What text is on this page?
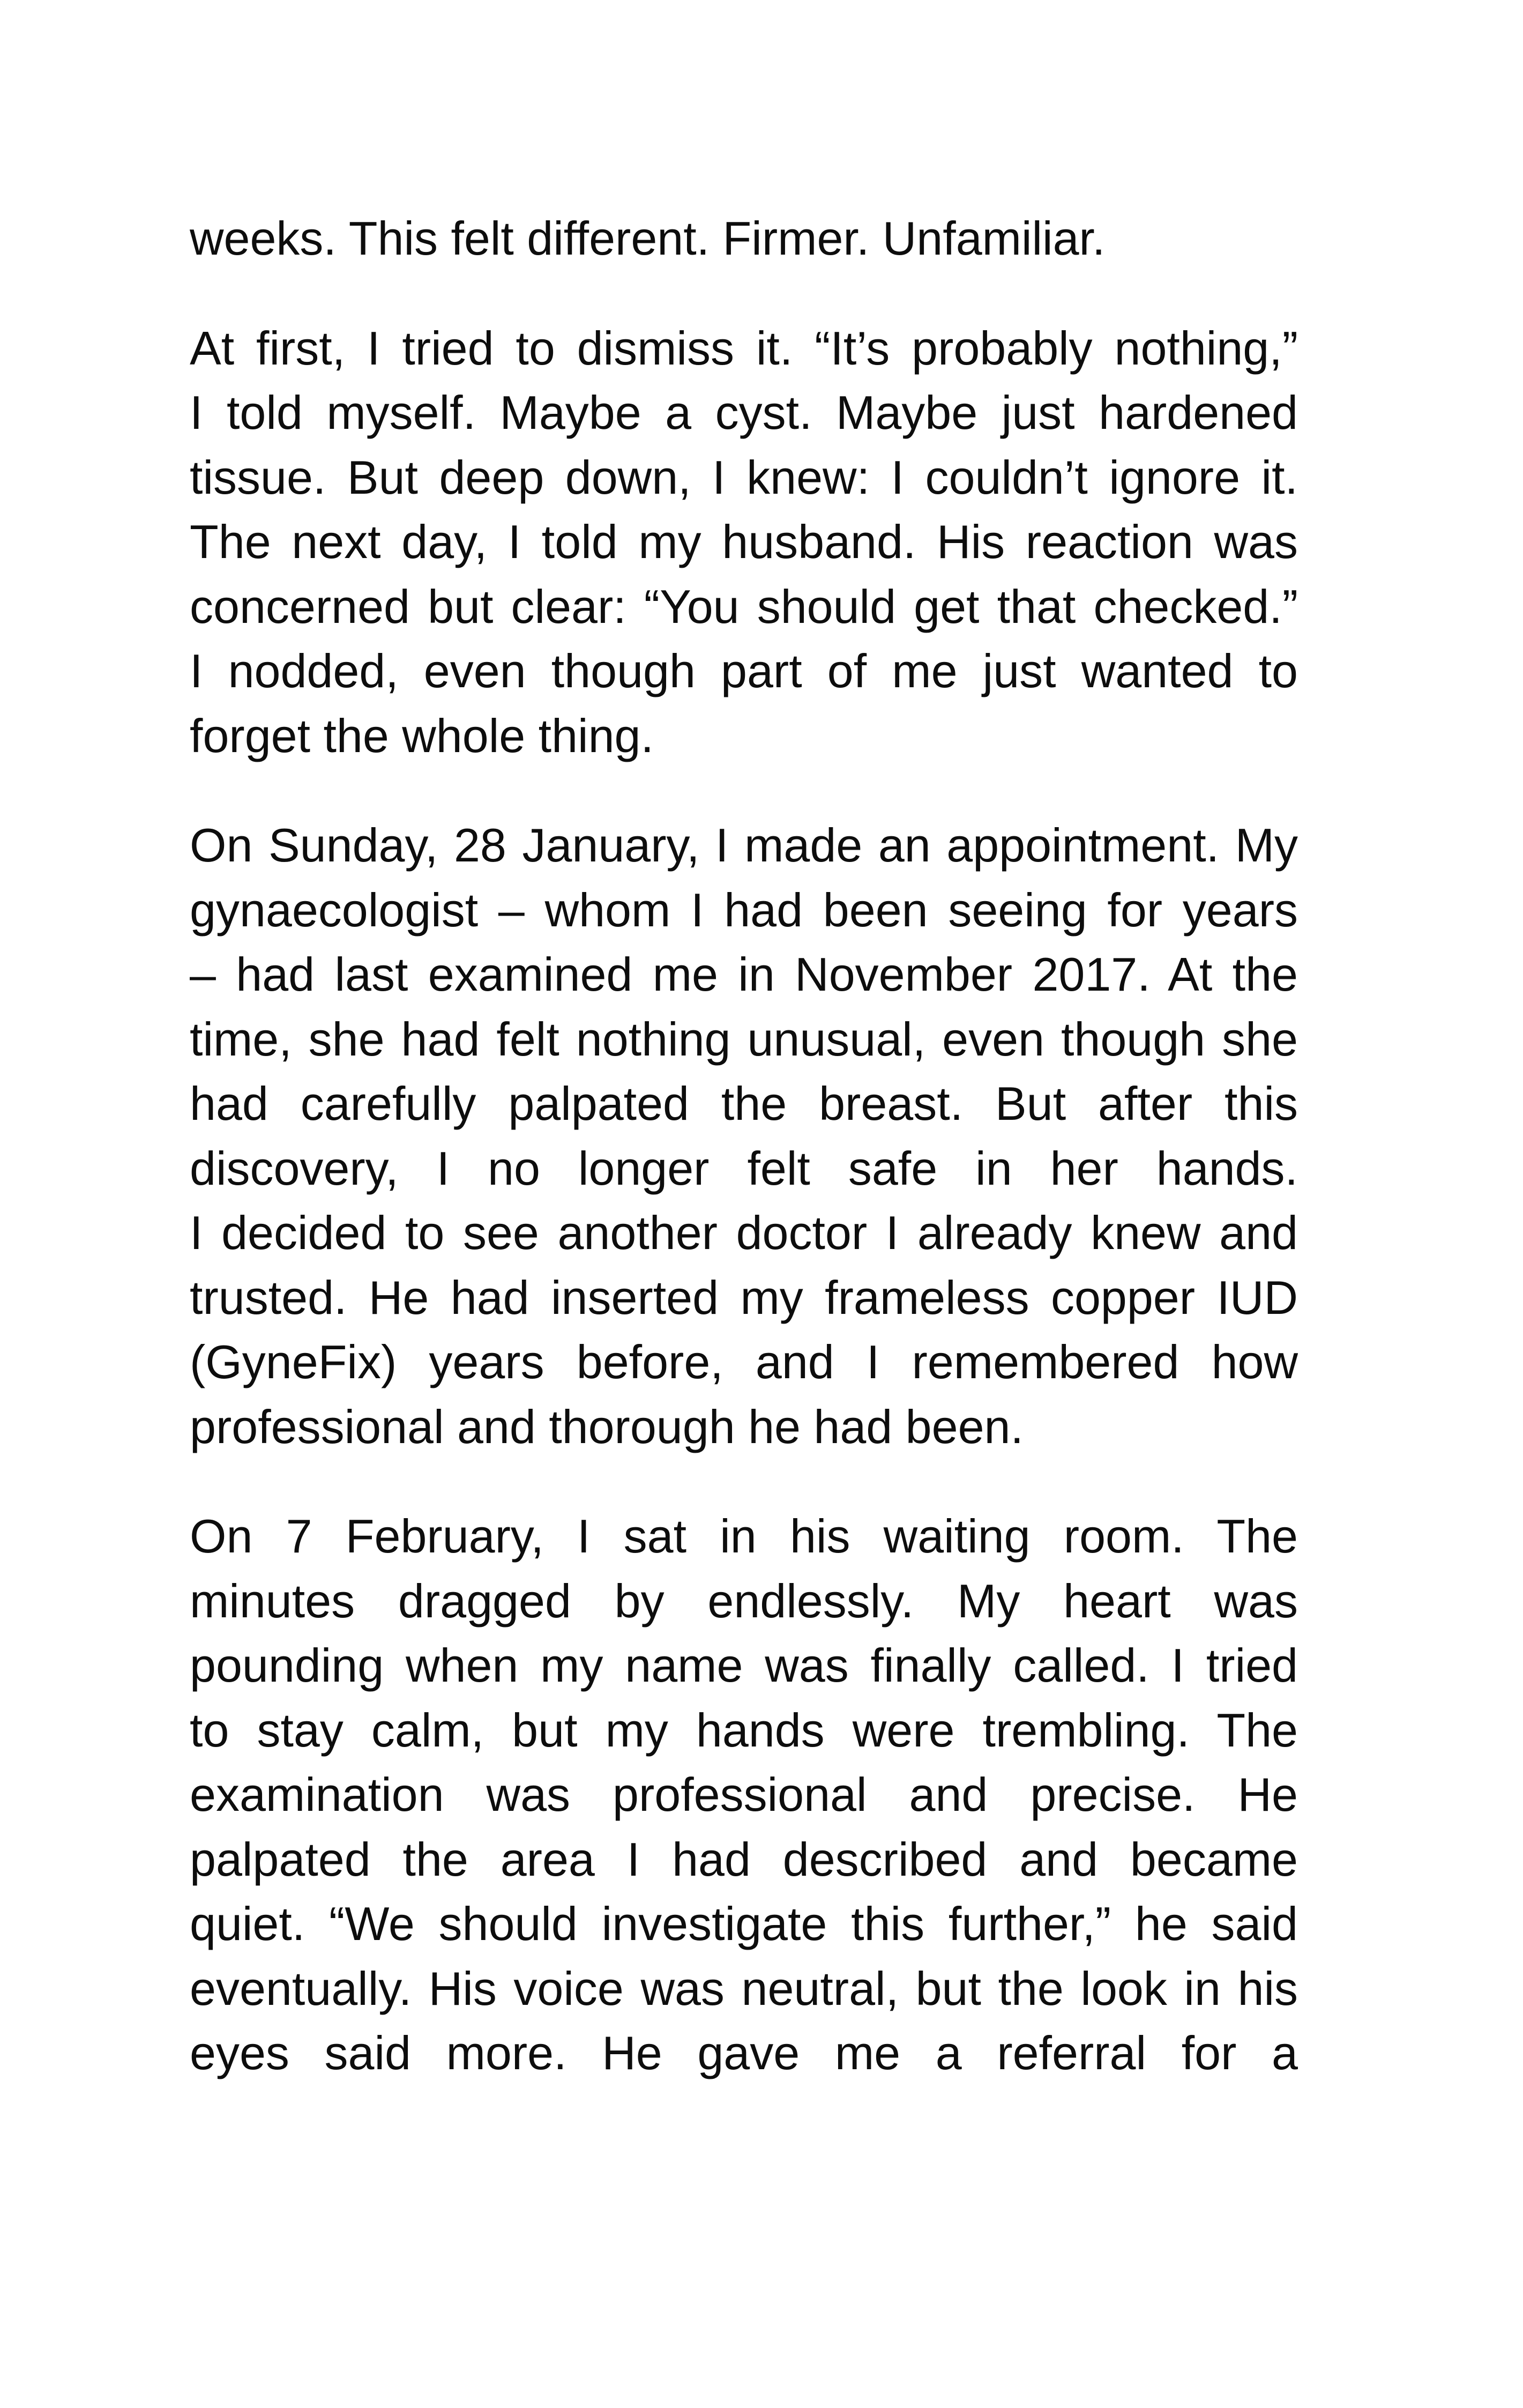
weeks. This felt different. Firmer. Unfamiliar.

At first, I tried to dismiss it. “It’s probably nothing,”
I told myself. Maybe a cyst. Maybe just hardened
tissue. But deep down, I knew: I couldn’t ignore it.
The next day, I told my husband. His reaction was
concerned but clear: “You should get that checked.”
I nodded, even though part of me just wanted to
forget the whole thing.

On Sunday, 28 January, I made an appointment. My
gynaecologist – whom I had been seeing for years
– had last examined me in November 2017. At the
time, she had felt nothing unusual, even though she
had carefully palpated the breast. But after this
discovery, I no longer felt safe in her hands.
I decided to see another doctor I already knew and
trusted. He had inserted my frameless copper IUD
(GyneFix) years before, and I remembered how
professional and thorough he had been.

On 7 February, I sat in his waiting room. The
minutes dragged by endlessly. My heart was
pounding when my name was finally called. I tried
to stay calm, but my hands were trembling. The
examination was professional and precise. He
palpated the area I had described and became
quiet. “We should investigate this further,” he said
eventually. His voice was neutral, but the look in his
eyes said more. He gave me a referral for a
